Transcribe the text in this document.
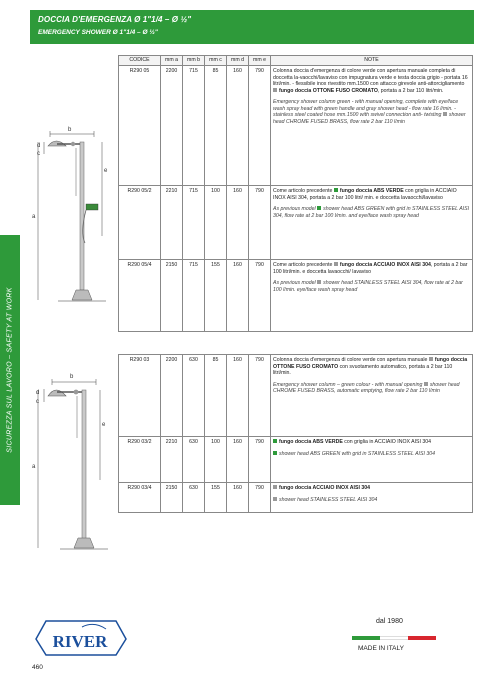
DOCCIA D'EMERGENZA Ø 1"1/4 – Ø ½"
EMERGENCY SHOWER Ø 1"1/4 – Ø ½"
SICUREZZA SUL LAVORO – SAFETY AT WORK
b
d
c
e
a
b
d
c
e
a
CODICE	mm a	mm b	mm c	mm d	mm e	NOTE
R290 05	2200	715	85	160	790	Colonna doccia d'emergenza di colore verde con apertura manuale completa di doccetta la-vaocchi/lavaviso con impugnatura verde e testa doccia grigio - portata 16 litri/min. - flessibile inox rivestito mm.1500 con attacco girevole anti-attorcigliamento fungo doccia OTTONE FUSO CROMATO, portata a 2 bar 110 litri/min.
Emergency shower column green - with manual opening, complete with eye/face wash spray head with green handle and gray shower head - flow rate 16 l/min. - stainless steel coated hose mm.1500 with swivel connection anti- twisting shower head CHROME FUSED BRASS, flow rate 2 bar 110 l/min

R290 05/2	2210	715	100	160	790	Come articolo precedente fungo doccia ABS VERDE con griglia in ACCIAIO INOX AISI 304, portata a 2 bar 100 litri/ min. e doccetta lavaocchi/lavaviso
As previous model shower head ABS GREEN with grid in STAINLESS STEEL AISI 304, flow rate at 2 bar 100 l/min. and eye/face wash spray head

R290 05/4	2150	715	155	160	790	Come articolo precedente fungo doccia ACCIAIO INOX AISI 304, portata a 2 bar 100 litri/min. e doccetta lavaocchi/ lavaviso
As previous model shower head STAINLESS STEEL AISI 304, flow rate at 2 bar 100 l/min. eye/face wash spray head
R290 03	2200	630	85	160	790	Colonna doccia d'emergenza di colore verde con apertura manuale fungo doccia OTTONE FUSO CROMATO con svuotamento automatico, portata a 2 bar 110 litri/min.
Emergency shower column – green colour - with manual opening shower head CHROME FUSED BRASS, automatic emptying, flow rate 2 bar 110 l/min

R290 03/2	2210	630	100	160	790	fungo doccia ABS VERDE con griglia in ACCIAIO INOX AISI 304
shower head ABS GREEN with grid in STAINLESS STEEL AISI 304

R290 03/4	2150	630	155	160	790	fungo doccia ACCIAIO INOX AISI 304
shower head STAINLESS STEEL AISI 304
RIVER
460
dal 1980
MADE IN ITALY
